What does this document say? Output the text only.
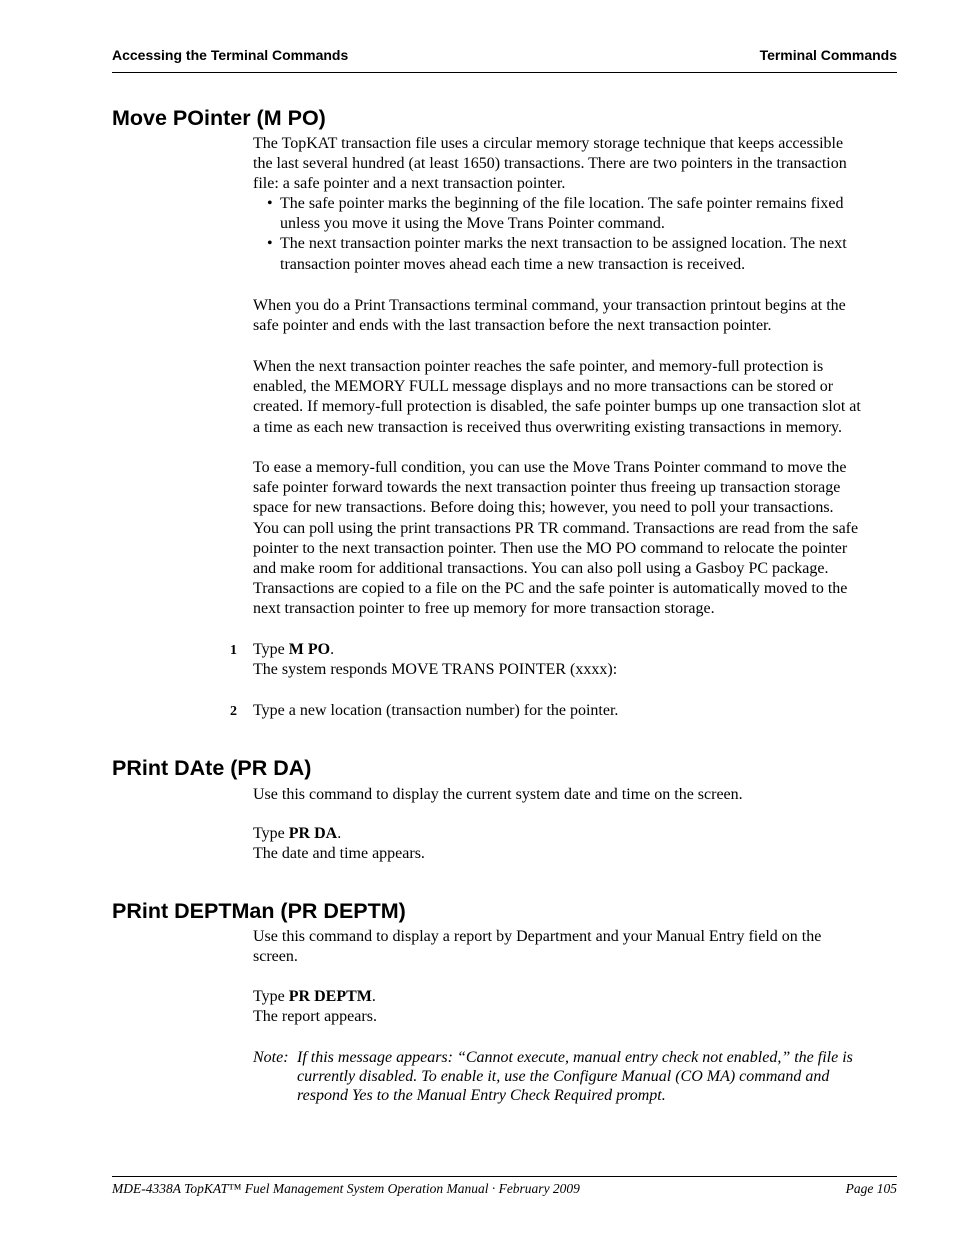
Accessing the Terminal Commands	Terminal Commands
Move POinter (M PO)
The TopKAT transaction file uses a circular memory storage technique that keeps accessible
the last several hundred (at least 1650) transactions. There are two pointers in the transaction
file: a safe pointer and a next transaction pointer.
• The safe pointer marks the beginning of the file location. The safe pointer remains fixed
unless you move it using the Move Trans Pointer command.
• The next transaction pointer marks the next transaction to be assigned location. The next
transaction pointer moves ahead each time a new transaction is received.
When you do a Print Transactions terminal command, your transaction printout begins at the
safe pointer and ends with the last transaction before the next transaction pointer.
When the next transaction pointer reaches the safe pointer, and memory-full protection is
enabled, the MEMORY FULL message displays and no more transactions can be stored or
created. If memory-full protection is disabled, the safe pointer bumps up one transaction slot at
a time as each new transaction is received thus overwriting existing transactions in memory.
To ease a memory-full condition, you can use the Move Trans Pointer command to move the
safe pointer forward towards the next transaction pointer thus freeing up transaction storage
space for new transactions. Before doing this; however, you need to poll your transactions.
You can poll using the print transactions PR TR command. Transactions are read from the safe
pointer to the next transaction pointer. Then use the MO PO command to relocate the pointer
and make room for additional transactions. You can also poll using a Gasboy PC package.
Transactions are copied to a file on the PC and the safe pointer is automatically moved to the
next transaction pointer to free up memory for more transaction storage.
1 Type M PO.
The system responds MOVE TRANS POINTER (xxxx):
2 Type a new location (transaction number) for the pointer.
PRint DAte (PR DA)
Use this command to display the current system date and time on the screen.
Type PR DA.
The date and time appears.
PRint DEPTMan (PR DEPTM)
Use this command to display a report by Department and your Manual Entry field on the
screen.
Type PR DEPTM.
The report appears.
Note: If this message appears: “Cannot execute, manual entry check not enabled,” the file is
currently disabled. To enable it, use the Configure Manual (CO MA) command and
respond Yes to the Manual Entry Check Required prompt.
MDE-4338A TopKAT™ Fuel Management System Operation Manual · February 2009	Page 105
